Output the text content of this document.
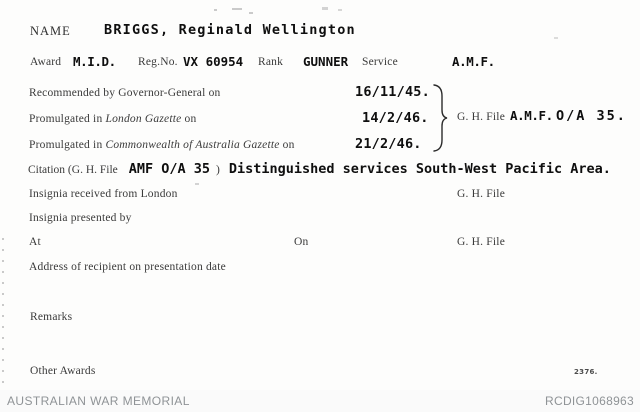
NAME BRIGGS, Reginald Wellington
Award M.I.D. Reg.No. VX 60954 Rank GUNNER Service	A.M.F.
Recommended by Governor-General on	16/11/45.
Promulgated in London Gazette on	14/2/46.
Promulgated in Commonwealth of Australia Gazette on	21/2/46.
G. H. File A.M.F. O/A 35.
Citation (G. H. File AMF O/A 35 ) Distinguished services South-West Pacific Area.
Insignia received from London	G. H. File
Insignia presented by
At	On	G. H. File
Address of recipient on presentation date
Remarks
Other Awards	2376.
AUSTRALIAN WAR MEMORIAL	RCDIG1068963
